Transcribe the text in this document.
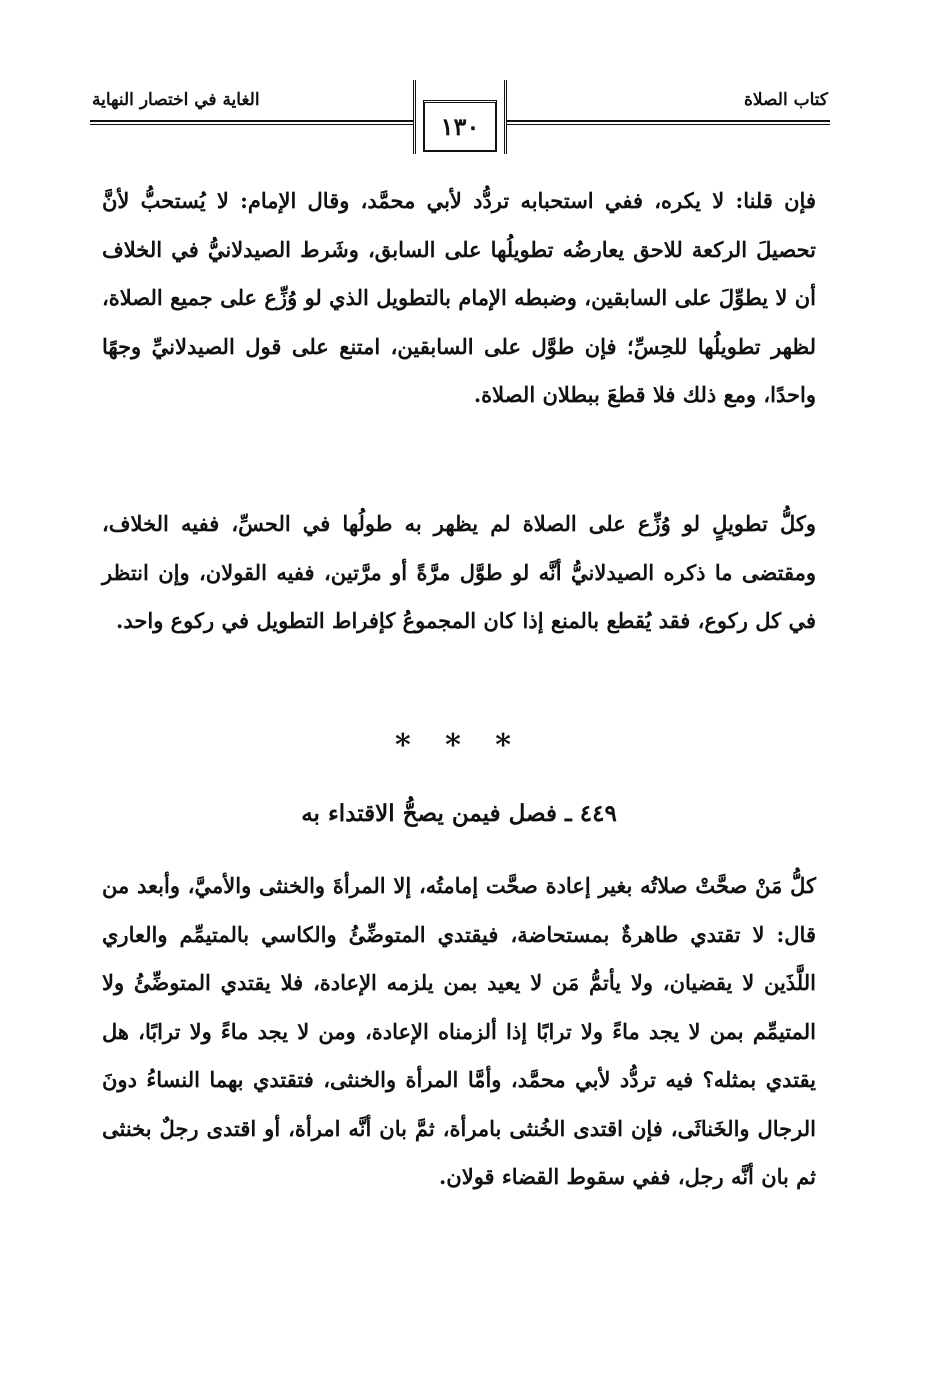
الغاية في اختصار النهاية	كتاب الصلاة
١٣٠
فإن قلنا: لا يكره، ففي استحبابه تردُّد لأبي محمَّد، وقال الإمام: لا يُستحبُّ لأنَّ تحصيلَ الركعة للاحق يعارضُه تطويلُها على السابق، وشَرط الصيدلانيُّ في الخلاف أن لا يطوِّلَ على السابقين، وضبطه الإمام بالتطويل الذي لو وُزِّع على جميع الصلاة، لظهر تطويلُها للحِسِّ؛ فإن طوَّل على السابقين، امتنع على قول الصيدلانيِّ وجهًا واحدًا، ومع ذلك فلا قطعَ ببطلان الصلاة.
وكلُّ تطويلٍ لو وُزِّع على الصلاة لم يظهر به طولُها في الحسِّ، ففيه الخلاف، ومقتضى ما ذكره الصيدلانيُّ أنَّه لو طوَّل مرَّةً أو مرَّتين، ففيه القولان، وإن انتظر في كل ركوع، فقد يُقطع بالمنع إذا كان المجموعُ كإفراط التطويل في ركوع واحد.
* * *
٤٤٩ ـ فصل فيمن يصحُّ الاقتداء به
كلُّ مَنْ صحَّتْ صلاتُه بغير إعادة صحَّت إمامتُه، إلا المرأةَ والخنثى والأميَّ، وأبعد من قال: لا تقتدي طاهرةٌ بمستحاضة، فيقتدي المتوضِّئُ والكاسي بالمتيمِّم والعاري اللَّذَين لا يقضيان، ولا يأتمُّ مَن لا يعيد بمن يلزمه الإعادة، فلا يقتدي المتوضِّئُ ولا المتيمِّم بمن لا يجد ماءً ولا ترابًا إذا ألزمناه الإعادة، ومن لا يجد ماءً ولا ترابًا، هل يقتدي بمثله؟ فيه تردُّد لأبي محمَّد، وأمَّا المرأة والخنثى، فتقتدي بهما النساءُ دونَ الرجال والخَناثَى، فإن اقتدى الخُنثى بامرأة، ثمَّ بان أنَّه امرأة، أو اقتدى رجلٌ بخنثى ثم بان أنَّه رجل، ففي سقوط القضاء قولان.
